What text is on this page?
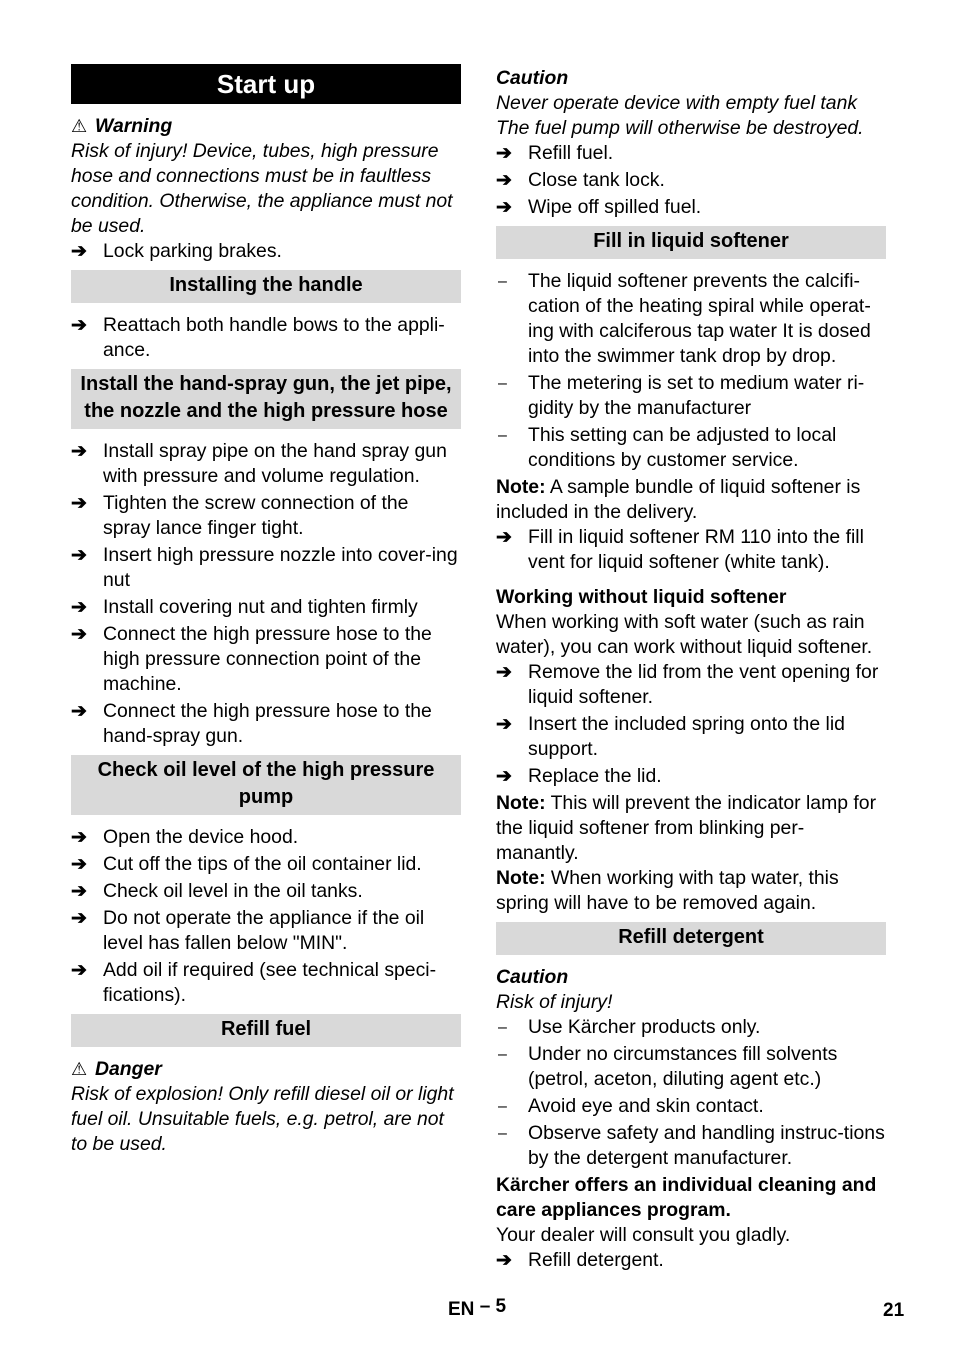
Start up
⚠ Warning
Risk of injury! Device, tubes, high pressure hose and connections must be in faultless condition. Otherwise, the appliance must not be used.
➔ Lock parking brakes.
Installing the handle
➔ Reattach both handle bows to the appli-ance.
Install the hand-spray gun, the jet pipe, the nozzle and the high pressure hose
➔ Install spray pipe on the hand spray gun with pressure and volume regulation.
➔ Tighten the screw connection of the spray lance finger tight.
➔ Insert high pressure nozzle into cover-ing nut
➔ Install covering nut and tighten firmly
➔ Connect the high pressure hose to the high pressure connection point of the machine.
➔ Connect the high pressure hose to the hand-spray gun.
Check oil level of the high pressure pump
➔ Open the device hood.
➔ Cut off the tips of the oil container lid.
➔ Check oil level in the oil tanks.
➔ Do not operate the appliance if the oil level has fallen below "MIN".
➔ Add oil if required (see technical speci-fications).
Refill fuel
⚠ Danger
Risk of explosion! Only refill diesel oil or light fuel oil. Unsuitable fuels, e.g. petrol, are not to be used.
Caution
Never operate device with empty fuel tank The fuel pump will otherwise be destroyed.
➔ Refill fuel.
➔ Close tank lock.
➔ Wipe off spilled fuel.
Fill in liquid softener
–	The liquid softener prevents the calcifi-cation of the heating spiral while operat-ing with calciferous tap water It is dosed into the swimmer tank drop by drop.
–	The metering is set to medium water ri-gidity by the manufacturer
–	This setting can be adjusted to local conditions by customer service.
Note: A sample bundle of liquid softener is included in the delivery.
➔ Fill in liquid softener RM 110 into the fill vent for liquid softener (white tank).
Working without liquid softener
When working with soft water (such as rain water), you can work without liquid softener.
➔ Remove the lid from the vent opening for liquid softener.
➔ Insert the included spring onto the lid support.
➔ Replace the lid.
Note: This will prevent the indicator lamp for the liquid softener from blinking per-manantly.
Note: When working with tap water, this spring will have to be removed again.
Refill detergent
Caution
Risk of injury!
–	Use Kärcher products only.
–	Under no circumstances fill solvents (petrol, aceton, diluting agent etc.)
–	Avoid eye and skin contact.
–	Observe safety and handling instruc-tions by the detergent manufacturer.
Kärcher offers an individual cleaning and care appliances program.
Your dealer will consult you gladly.
➔ Refill detergent.
EN – 5	21
